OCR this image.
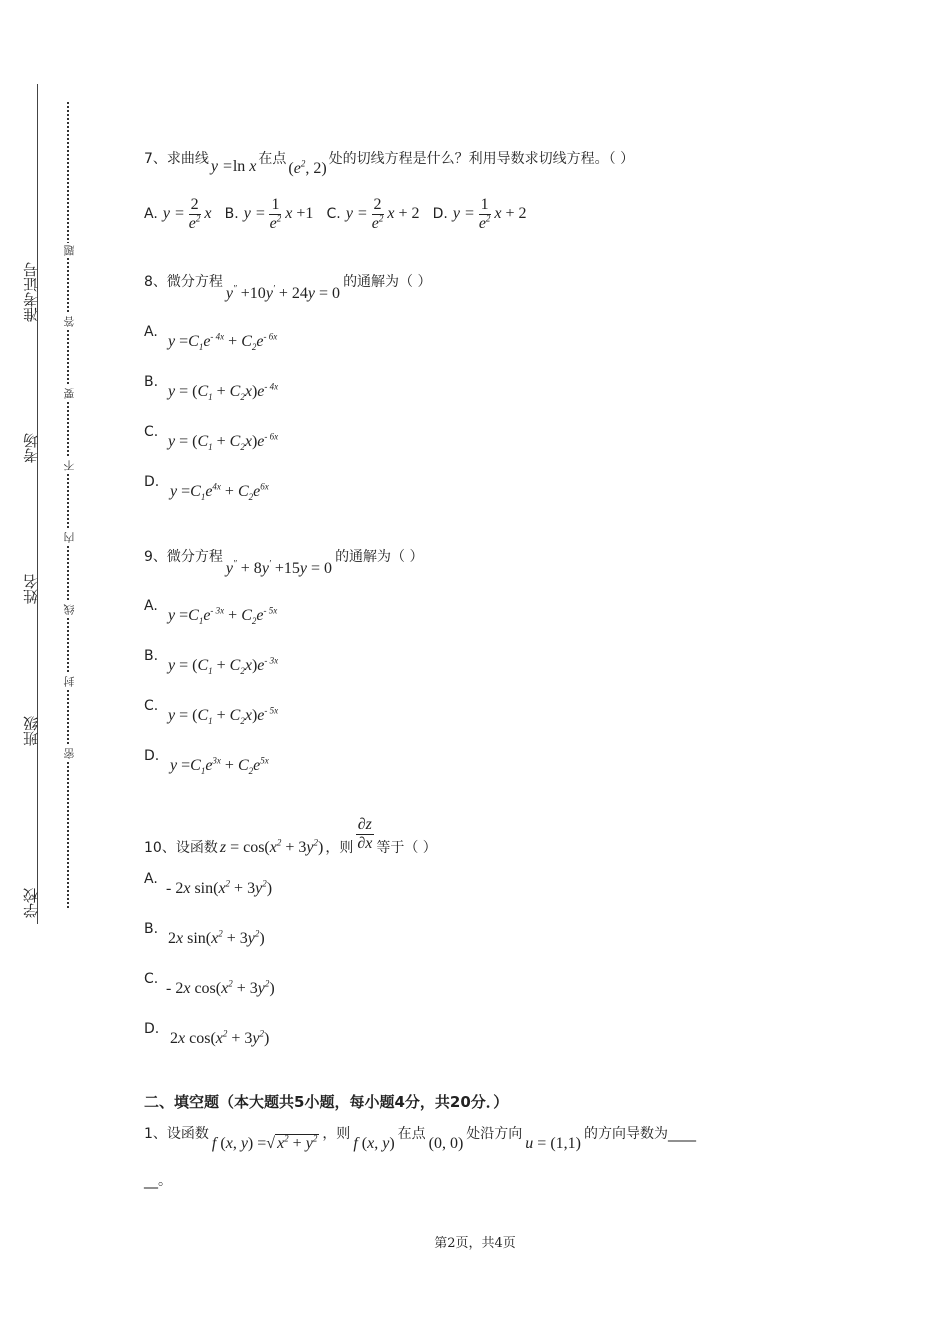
准考证号
考场
姓名
班级
学校
题
答
要
不
内
线
封
密
7、求曲线 y =ln x 在点($e^2$, 2)处的切线方程是什么？利用导数求切线方程。（ ）
A. $y = \frac{2}{e^2}$ x B. $y = \frac{1}{e^2}$ x +1 C. $y = \frac{2}{e^2}$ x + 2 D. $y = \frac{1}{e^2}$ x + 2
8、微分方程y″ +10y′ + 24y = 0的通解为（ ）
A.
$y =C_1e^{- 4x} + C_2e^{- 6x}$
B.
$y = (C_1 + C_2x)e^{- 4x}$
C.
$y = (C_1 + C_2x)e^{- 6x}$
D.
$y =C_1e^{4x} + C_2e^{6x}$
9、微分方程y″ + 8y′ +15y = 0的通解为（ ）
A.
$y =C_1e^{- 3x} + C_2e^{- 5x}$
B.
$y = (C_1 + C_2x)e^{- 3x}$
C.
$y = (C_1 + C_2x)e^{- 5x}$
D.
$y =C_1e^{3x} + C_2e^{5x}$
10、设函数 $z = \cos(x^2 + 3y^2)$ ，则 $\frac{\partial z}{\partial x}$ 等于（ ）
A.
- 2x $\sin(x^2 + 3y^2)$
B.
2x $\sin(x^2 + 3y^2)$
C.
- 2x $\cos(x^2 + 3y^2)$
D.
2x $\cos(x^2 + 3y^2)$
二、填空题（本大题共5小题，每小题4分，共20分．）
1、设函数f (x, y) =√ $x^2 + y^2$ ，则f (x, y)在点(0, 0)处沿方向u = (1,1)的方向导数为____
__。
第2页，共4页
